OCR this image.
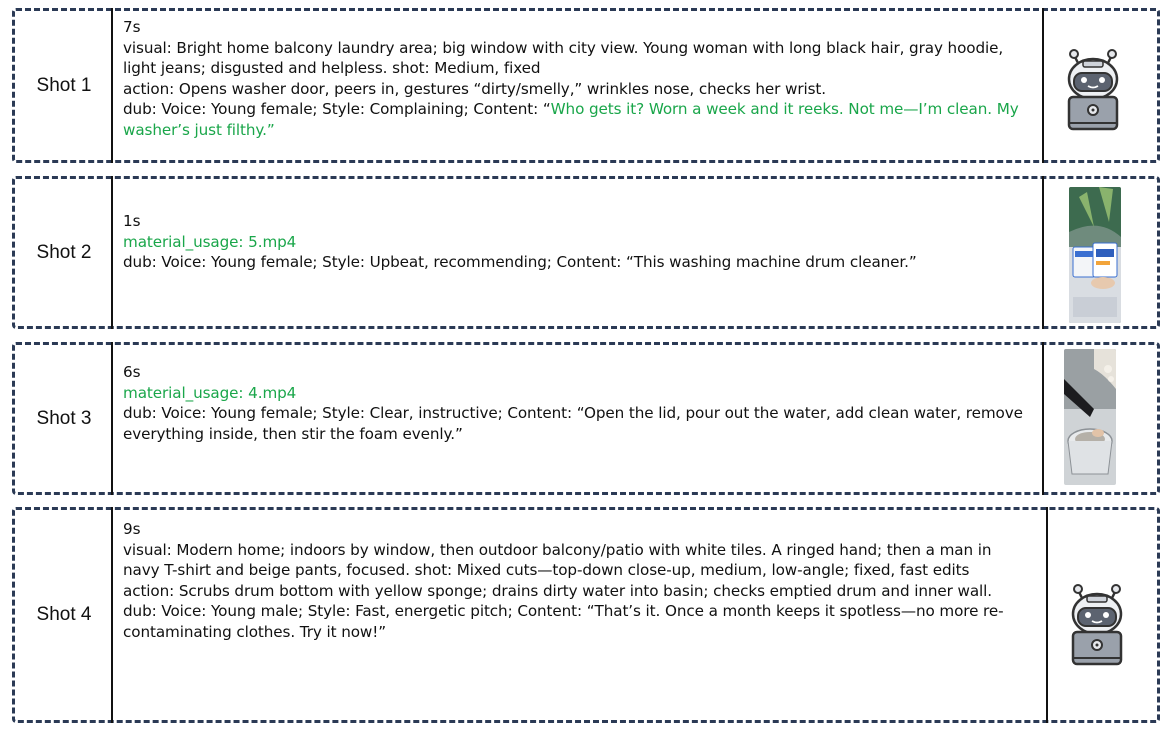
Shot 1
7s
visual: Bright home balcony laundry area; big window with city view. Young woman with long black hair, gray hoodie, light jeans; disgusted and helpless. shot: Medium, fixed
action: Opens washer door, peers in, gestures “dirty/smelly,” wrinkles nose, checks her wrist.
dub: Voice: Young female; Style: Complaining; Content: “Who gets it? Worn a week and it reeks. Not me—I’m clean. My washer’s just filthy.”
Shot 2
1s
material_usage: 5.mp4
dub: Voice: Young female; Style: Upbeat, recommending; Content: “This washing machine drum cleaner.”
Shot 3
6s
material_usage: 4.mp4
dub: Voice: Young female; Style: Clear, instructive; Content: “Open the lid, pour out the water, add clean water, remove everything inside, then stir the foam evenly.”
Shot 4
9s
visual: Modern home; indoors by window, then outdoor balcony/patio with white tiles. A ringed hand; then a man in navy T-shirt and beige pants, focused. shot: Mixed cuts—top-down close-up, medium, low-angle; fixed, fast edits
action: Scrubs drum bottom with yellow sponge; drains dirty water into basin; checks emptied drum and inner wall.
dub: Voice: Young male; Style: Fast, energetic pitch; Content: “That’s it. Once a month keeps it spotless—no more re-contaminating clothes. Try it now!”
